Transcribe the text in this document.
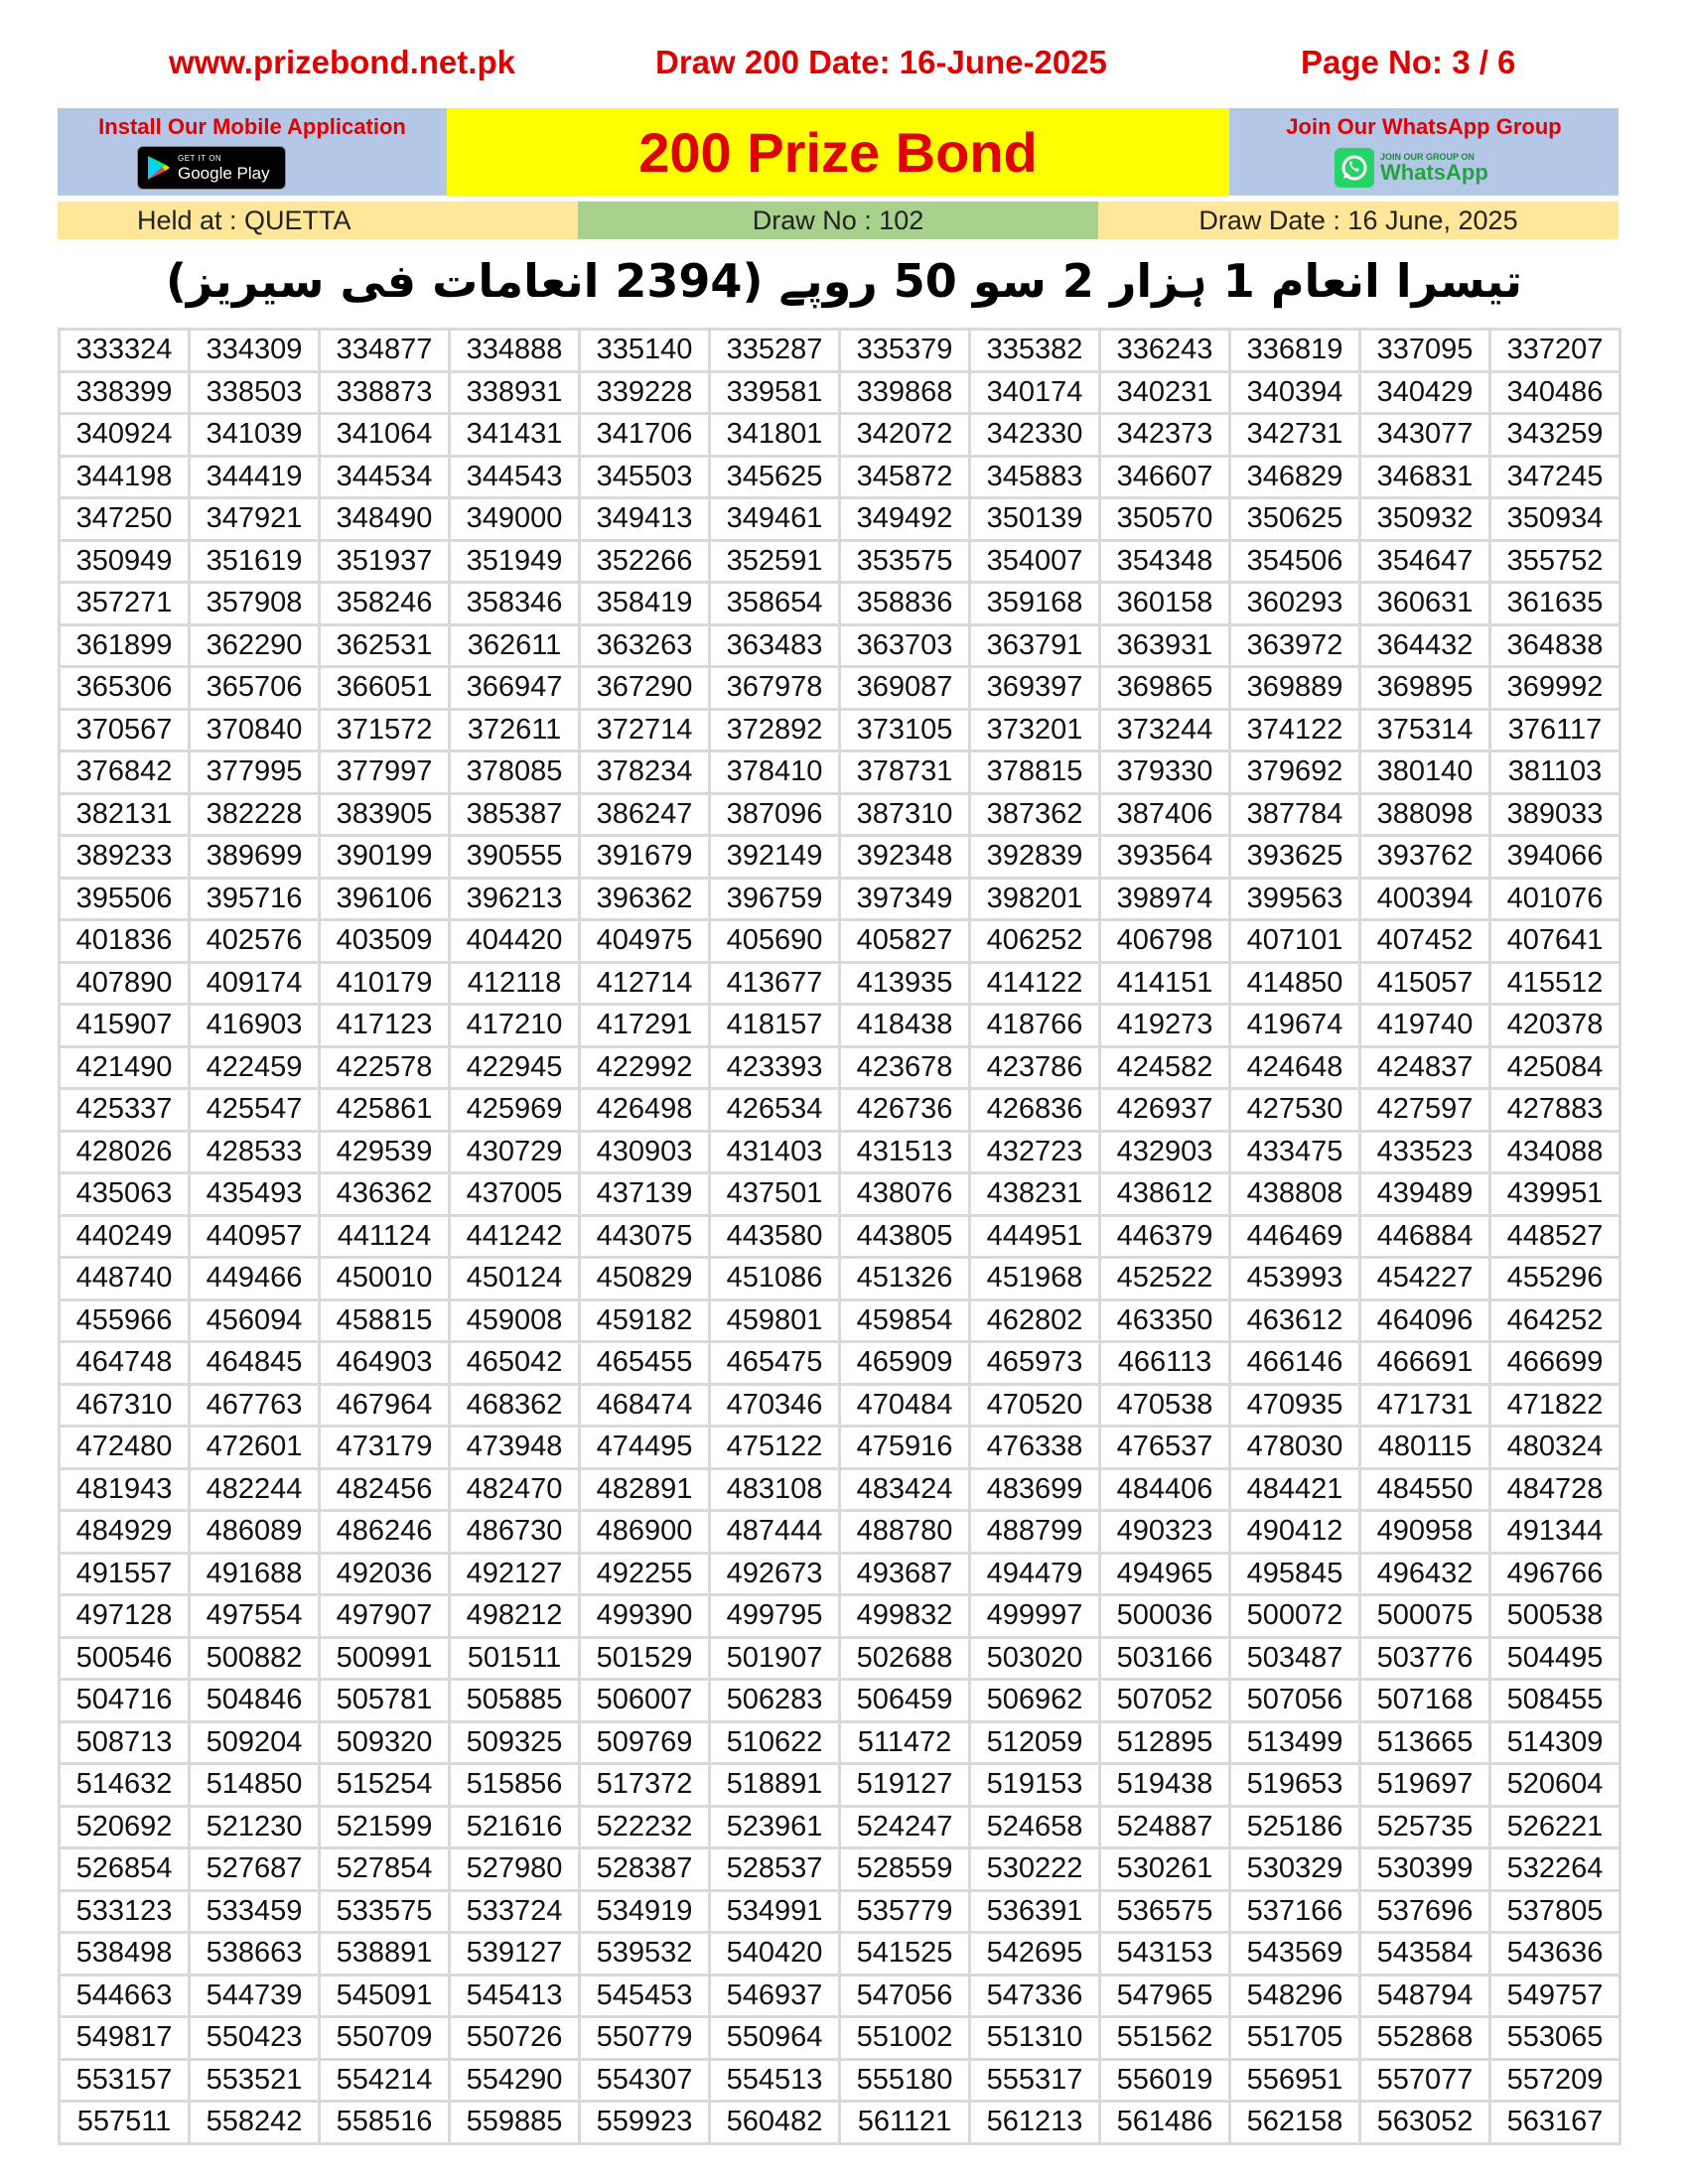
www.prizebond.net.pk	Draw 200 Date: 16-June-2025	Page No: 3 / 6
Install Our Mobile Application
GET IT ON
Google Play	200 Prize Bond	Join Our WhatsApp Group
JOIN OUR GROUP ON
WhatsApp
Held at : QUETTA	Draw No : 102	Draw Date : 16 June, 2025
تیسرا انعام 1 ہزار 2 سو 50 روپے (2394 انعامات فی سیریز)
333324	334309	334877	334888	335140	335287	335379	335382	336243	336819	337095	337207
338399	338503	338873	338931	339228	339581	339868	340174	340231	340394	340429	340486
340924	341039	341064	341431	341706	341801	342072	342330	342373	342731	343077	343259
344198	344419	344534	344543	345503	345625	345872	345883	346607	346829	346831	347245
347250	347921	348490	349000	349413	349461	349492	350139	350570	350625	350932	350934
350949	351619	351937	351949	352266	352591	353575	354007	354348	354506	354647	355752
357271	357908	358246	358346	358419	358654	358836	359168	360158	360293	360631	361635
361899	362290	362531	362611	363263	363483	363703	363791	363931	363972	364432	364838
365306	365706	366051	366947	367290	367978	369087	369397	369865	369889	369895	369992
370567	370840	371572	372611	372714	372892	373105	373201	373244	374122	375314	376117
376842	377995	377997	378085	378234	378410	378731	378815	379330	379692	380140	381103
382131	382228	383905	385387	386247	387096	387310	387362	387406	387784	388098	389033
389233	389699	390199	390555	391679	392149	392348	392839	393564	393625	393762	394066
395506	395716	396106	396213	396362	396759	397349	398201	398974	399563	400394	401076
401836	402576	403509	404420	404975	405690	405827	406252	406798	407101	407452	407641
407890	409174	410179	412118	412714	413677	413935	414122	414151	414850	415057	415512
415907	416903	417123	417210	417291	418157	418438	418766	419273	419674	419740	420378
421490	422459	422578	422945	422992	423393	423678	423786	424582	424648	424837	425084
425337	425547	425861	425969	426498	426534	426736	426836	426937	427530	427597	427883
428026	428533	429539	430729	430903	431403	431513	432723	432903	433475	433523	434088
435063	435493	436362	437005	437139	437501	438076	438231	438612	438808	439489	439951
440249	440957	441124	441242	443075	443580	443805	444951	446379	446469	446884	448527
448740	449466	450010	450124	450829	451086	451326	451968	452522	453993	454227	455296
455966	456094	458815	459008	459182	459801	459854	462802	463350	463612	464096	464252
464748	464845	464903	465042	465455	465475	465909	465973	466113	466146	466691	466699
467310	467763	467964	468362	468474	470346	470484	470520	470538	470935	471731	471822
472480	472601	473179	473948	474495	475122	475916	476338	476537	478030	480115	480324
481943	482244	482456	482470	482891	483108	483424	483699	484406	484421	484550	484728
484929	486089	486246	486730	486900	487444	488780	488799	490323	490412	490958	491344
491557	491688	492036	492127	492255	492673	493687	494479	494965	495845	496432	496766
497128	497554	497907	498212	499390	499795	499832	499997	500036	500072	500075	500538
500546	500882	500991	501511	501529	501907	502688	503020	503166	503487	503776	504495
504716	504846	505781	505885	506007	506283	506459	506962	507052	507056	507168	508455
508713	509204	509320	509325	509769	510622	511472	512059	512895	513499	513665	514309
514632	514850	515254	515856	517372	518891	519127	519153	519438	519653	519697	520604
520692	521230	521599	521616	522232	523961	524247	524658	524887	525186	525735	526221
526854	527687	527854	527980	528387	528537	528559	530222	530261	530329	530399	532264
533123	533459	533575	533724	534919	534991	535779	536391	536575	537166	537696	537805
538498	538663	538891	539127	539532	540420	541525	542695	543153	543569	543584	543636
544663	544739	545091	545413	545453	546937	547056	547336	547965	548296	548794	549757
549817	550423	550709	550726	550779	550964	551002	551310	551562	551705	552868	553065
553157	553521	554214	554290	554307	554513	555180	555317	556019	556951	557077	557209
557511	558242	558516	559885	559923	560482	561121	561213	561486	562158	563052	563167
